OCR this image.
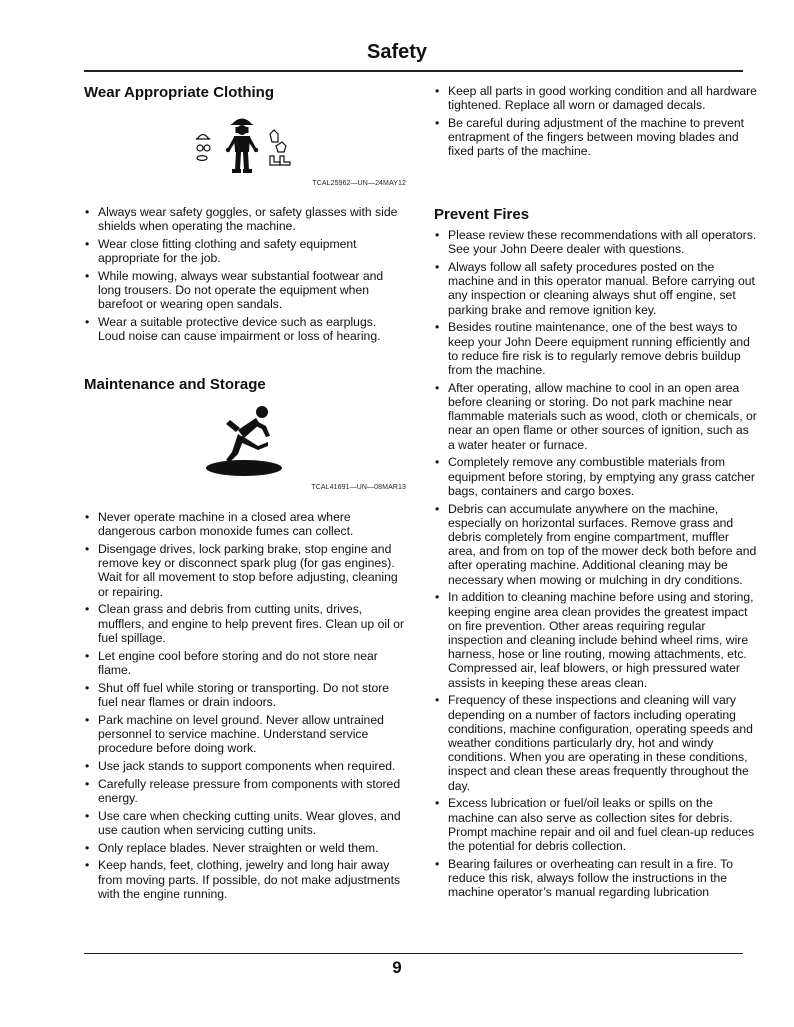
Safety
Wear Appropriate Clothing
TCAL25962—UN—24MAY12
• Always wear safety goggles, or safety glasses with side shields when operating the machine.
• Wear close fitting clothing and safety equipment appropriate for the job.
• While mowing, always wear substantial footwear and long trousers. Do not operate the equipment when barefoot or wearing open sandals.
• Wear a suitable protective device such as earplugs. Loud noise can cause impairment or loss of hearing.
Maintenance and Storage
TCAL41691—UN—08MAR13
• Never operate machine in a closed area where dangerous carbon monoxide fumes can collect.
• Disengage drives, lock parking brake, stop engine and remove key or disconnect spark plug (for gas engines). Wait for all movement to stop before adjusting, cleaning or repairing.
• Clean grass and debris from cutting units, drives, mufflers, and engine to help prevent fires. Clean up oil or fuel spillage.
• Let engine cool before storing and do not store near flame.
• Shut off fuel while storing or transporting. Do not store fuel near flames or drain indoors.
• Park machine on level ground. Never allow untrained personnel to service machine. Understand service procedure before doing work.
• Use jack stands to support components when required.
• Carefully release pressure from components with stored energy.
• Use care when checking cutting units. Wear gloves, and use caution when servicing cutting units.
• Only replace blades. Never straighten or weld them.
• Keep hands, feet, clothing, jewelry and long hair away from moving parts. If possible, do not make adjustments with the engine running.
• Keep all parts in good working condition and all hardware tightened. Replace all worn or damaged decals.
• Be careful during adjustment of the machine to prevent entrapment of the fingers between moving blades and fixed parts of the machine.
Prevent Fires
• Please review these recommendations with all operators. See your John Deere dealer with questions.
• Always follow all safety procedures posted on the machine and in this operator manual. Before carrying out any inspection or cleaning always shut off engine, set parking brake and remove ignition key.
• Besides routine maintenance, one of the best ways to keep your John Deere equipment running efficiently and to reduce fire risk is to regularly remove debris buildup from the machine.
• After operating, allow machine to cool in an open area before cleaning or storing. Do not park machine near flammable materials such as wood, cloth or chemicals, or near an open flame or other sources of ignition, such as a water heater or furnace.
• Completely remove any combustible materials from equipment before storing, by emptying any grass catcher bags, containers and cargo boxes.
• Debris can accumulate anywhere on the machine, especially on horizontal surfaces. Remove grass and debris completely from engine compartment, muffler area, and from on top of the mower deck both before and after operating machine. Additional cleaning may be necessary when mowing or mulching in dry conditions.
• In addition to cleaning machine before using and storing, keeping engine area clean provides the greatest impact on fire prevention. Other areas requiring regular inspection and cleaning include behind wheel rims, wire harness, hose or line routing, mowing attachments, etc. Compressed air, leaf blowers, or high pressured water assists in keeping these areas clean.
• Frequency of these inspections and cleaning will vary depending on a number of factors including operating conditions, machine configuration, operating speeds and weather conditions particularly dry, hot and windy conditions. When you are operating in these conditions, inspect and clean these areas frequently throughout the day.
• Excess lubrication or fuel/oil leaks or spills on the machine can also serve as collection sites for debris. Prompt machine repair and oil and fuel clean-up reduces the potential for debris collection.
• Bearing failures or overheating can result in a fire. To reduce this risk, always follow the instructions in the machine operator’s manual regarding lubrication
9
